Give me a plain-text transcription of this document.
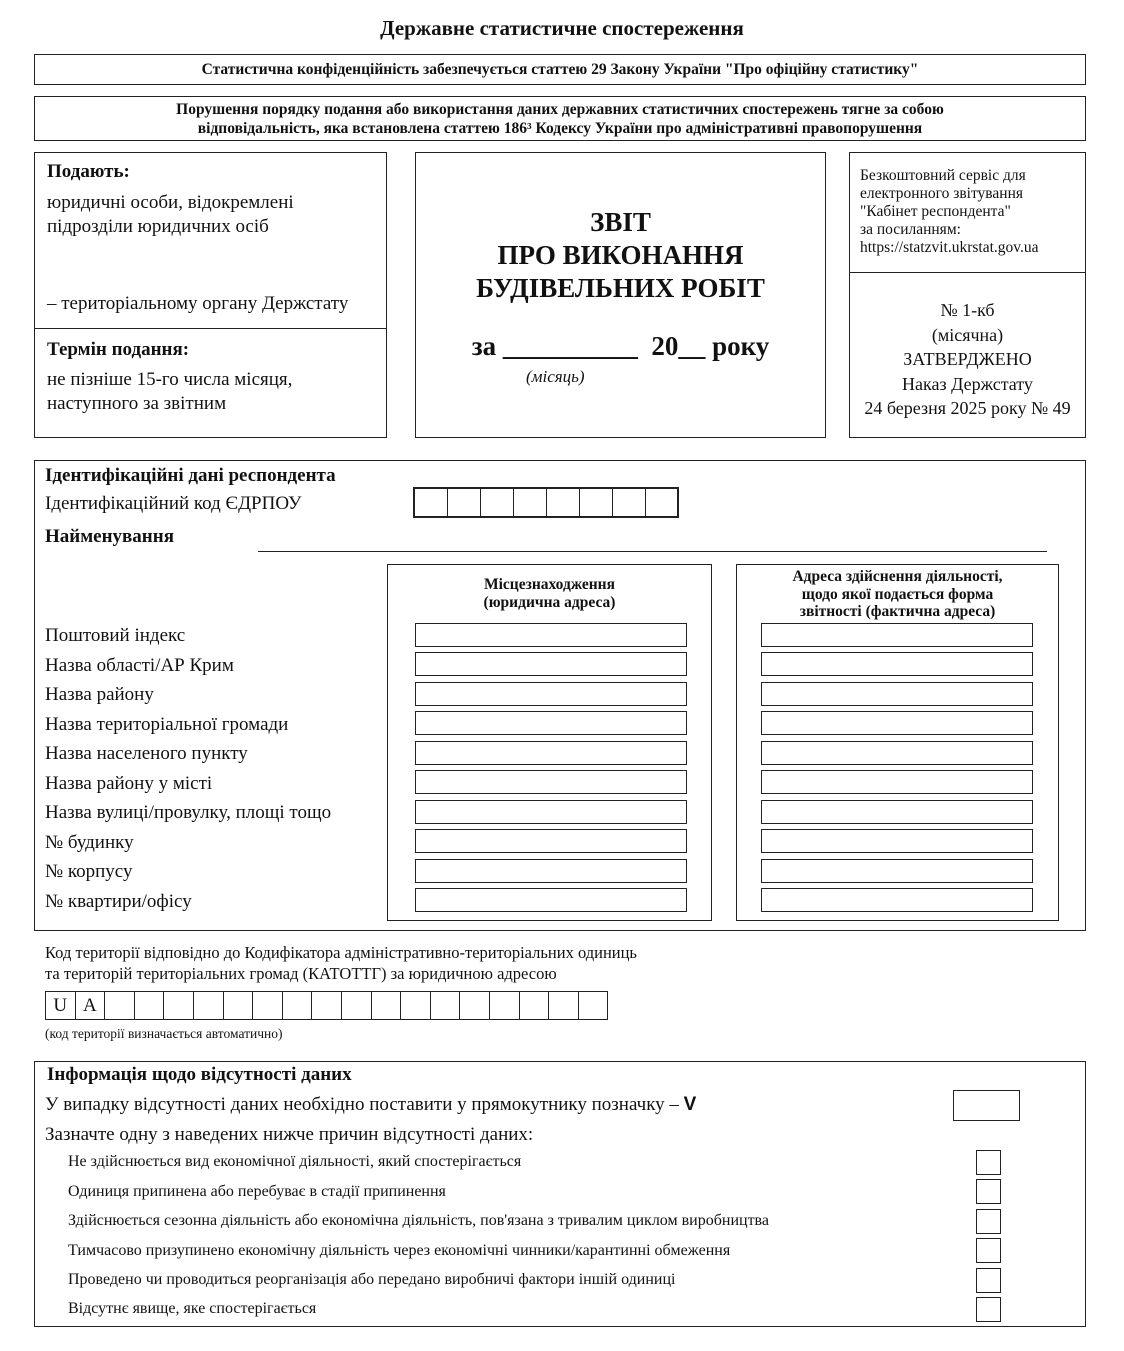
Державне статистичне спостереження
Статистична конфіденційність забезпечується статтею 29 Закону України "Про офіційну статистику"
Порушення порядку подання або використання даних державних статистичних спостережень тягне за собою
відповідальність, яка встановлена статтею 186³ Кодексу України про адміністративні правопорушення
Подають:
юридичні особи, відокремлені
підрозділи юридичних осіб
– територіальному органу Держстату
Термін подання:
не пізніше 15-го числа місяця,
наступного за звітним
ЗВІТ
ПРО ВИКОНАННЯ
БУДІВЕЛЬНИХ РОБІТ
за __________  20__ року
(місяць)
Безкоштовний сервіс для
електронного звітування
"Кабінет респондента"
за посиланням:
https://statzvit.ukrstat.gov.ua
№ 1-кб
(місячна)
ЗАТВЕРДЖЕНО
Наказ Держстату
24 березня 2025 року № 49
Ідентифікаційні дані респондента
Ідентифікаційний код ЄДРПОУ
Найменування
Місцезнаходження
(юридична адреса)
Адреса здійснення діяльності,
щодо якої подається форма
звітності (фактична адреса)
Поштовий індекс
Назва області/АР Крим
Назва району
Назва територіальної громади
Назва населеного пункту
Назва району у місті
Назва вулиці/провулку, площі тощо
№ будинку
№ корпусу
№ квартири/офісу
Код території відповідно до Кодифікатора адміністративно-територіальних одиниць
та територій територіальних громад (КАТОТТГ) за юридичною адресою
U A
(код території визначається автоматично)
Інформація щодо відсутності даних
У випадку відсутності даних необхідно поставити у прямокутнику позначку – V
Зазначте одну з наведених нижче причин відсутності даних:
Не здійснюється вид економічної діяльності, який спостерігається
Одиниця припинена або перебуває в стадії припинення
Здійснюється сезонна діяльність або економічна діяльність, пов'язана з тривалим циклом виробництва
Тимчасово призупинено економічну діяльність через економічні чинники/карантинні обмеження
Проведено чи проводиться реорганізація або передано виробничі фактори іншій одиниці
Відсутнє явище, яке спостерігається
